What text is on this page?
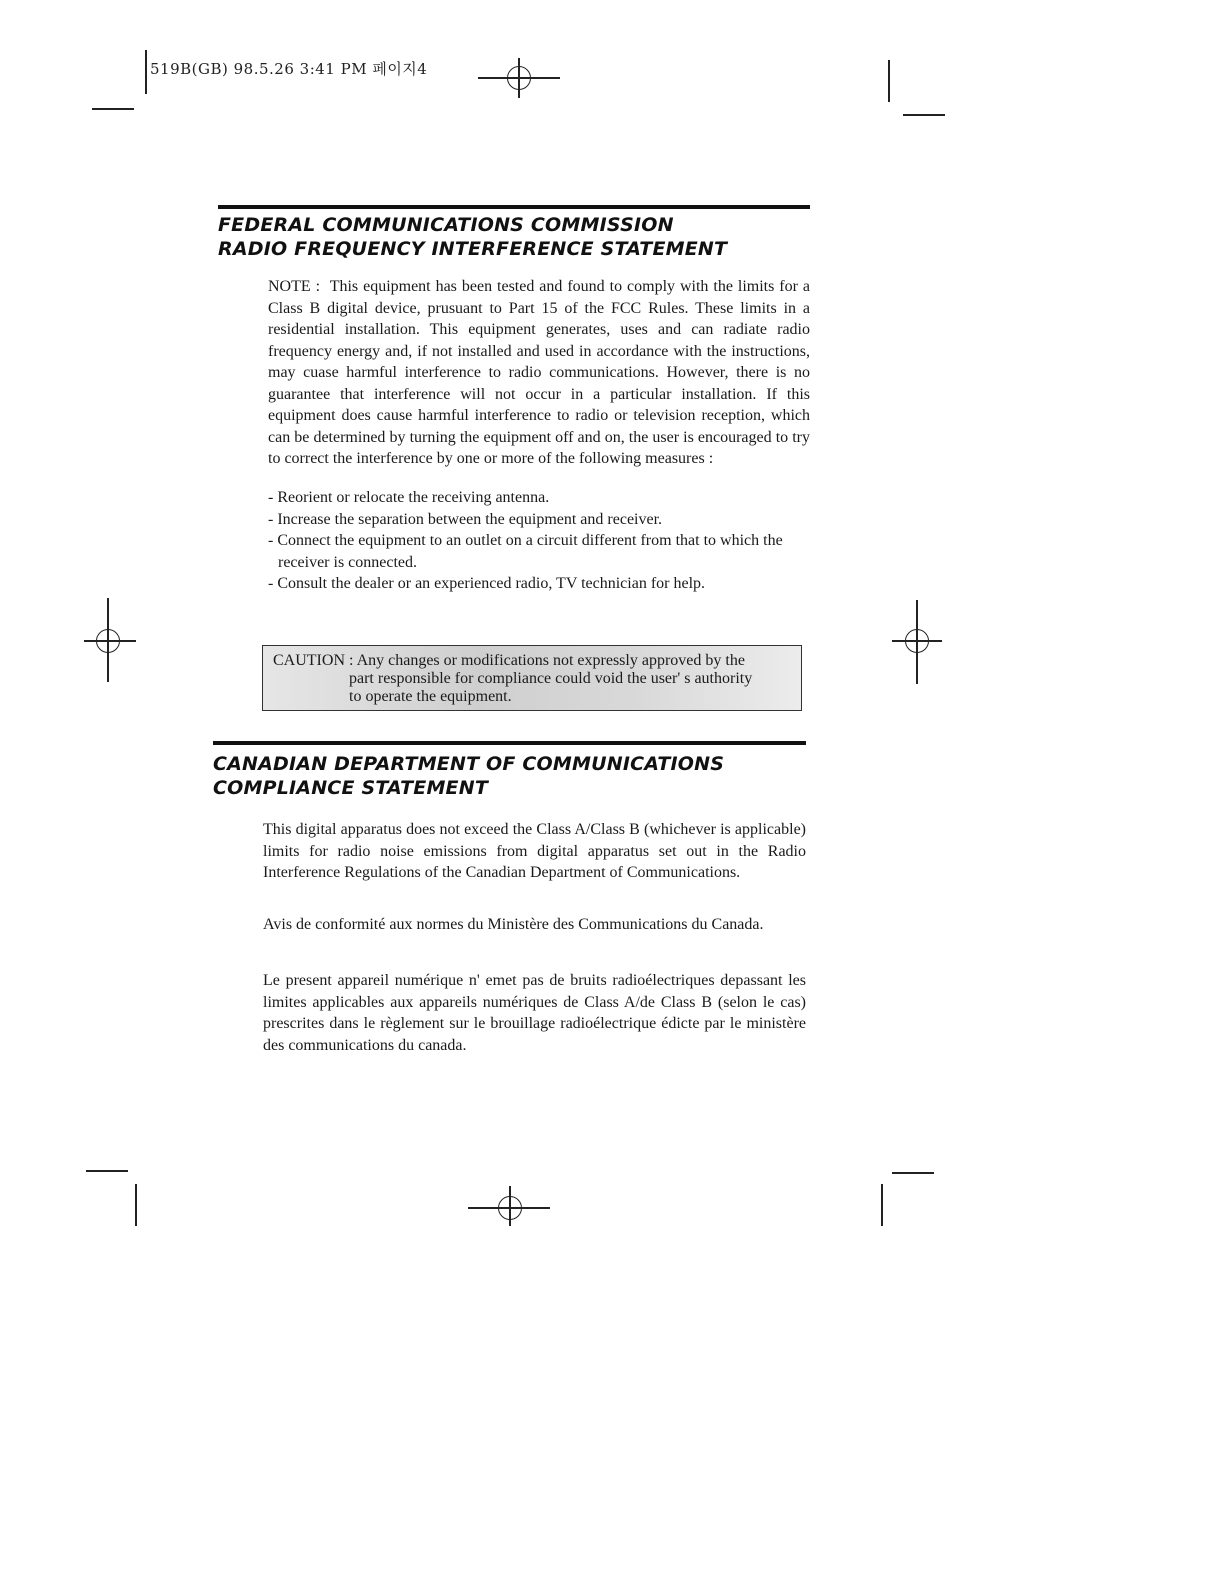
519B(GB) 98.5.26 3:41 PM 페이지4
FEDERAL COMMUNICATIONS COMMISSION
RADIO FREQUENCY INTERFERENCE STATEMENT

NOTE : This equipment has been tested and found to comply with the limits for a Class B digital device, prusuant to Part 15 of the FCC Rules. These limits in a residential installation. This equipment generates, uses and can radiate radio frequency energy and, if not installed and used in accordance with the instructions, may cuase harmful interference to radio communications. However, there is no guarantee that interference will not occur in a particular installation. If this equipment does cause harmful interference to radio or television reception, which can be determined by turning the equipment off and on, the user is encouraged to try to correct the interference by one or more of the following measures :

- Reorient or relocate the receiving antenna.
- Increase the separation between the equipment and receiver.
- Connect the equipment to an outlet on a circuit different from that to which the receiver is connected.
- Consult the dealer or an experienced radio, TV technician for help.
CAUTION : Any changes or modifications not expressly approved by the
part responsible for compliance could void the user' s authority
to operate the equipment.
CANADIAN DEPARTMENT OF COMMUNICATIONS
COMPLIANCE STATEMENT

This digital apparatus does not exceed the Class A/Class B (whichever is applicable) limits for radio noise emissions from digital apparatus set out in the Radio Interference Regulations of the Canadian Department of Communications.

Avis de conformité aux normes du Ministère des Communications du Canada.

Le present appareil numérique n' emet pas de bruits radioélectriques depassant les limites applicables aux appareils numériques de Class A/de Class B (selon le cas) prescrites dans le règlement sur le brouillage radioélectrique édicte par le ministère des communications du canada.
